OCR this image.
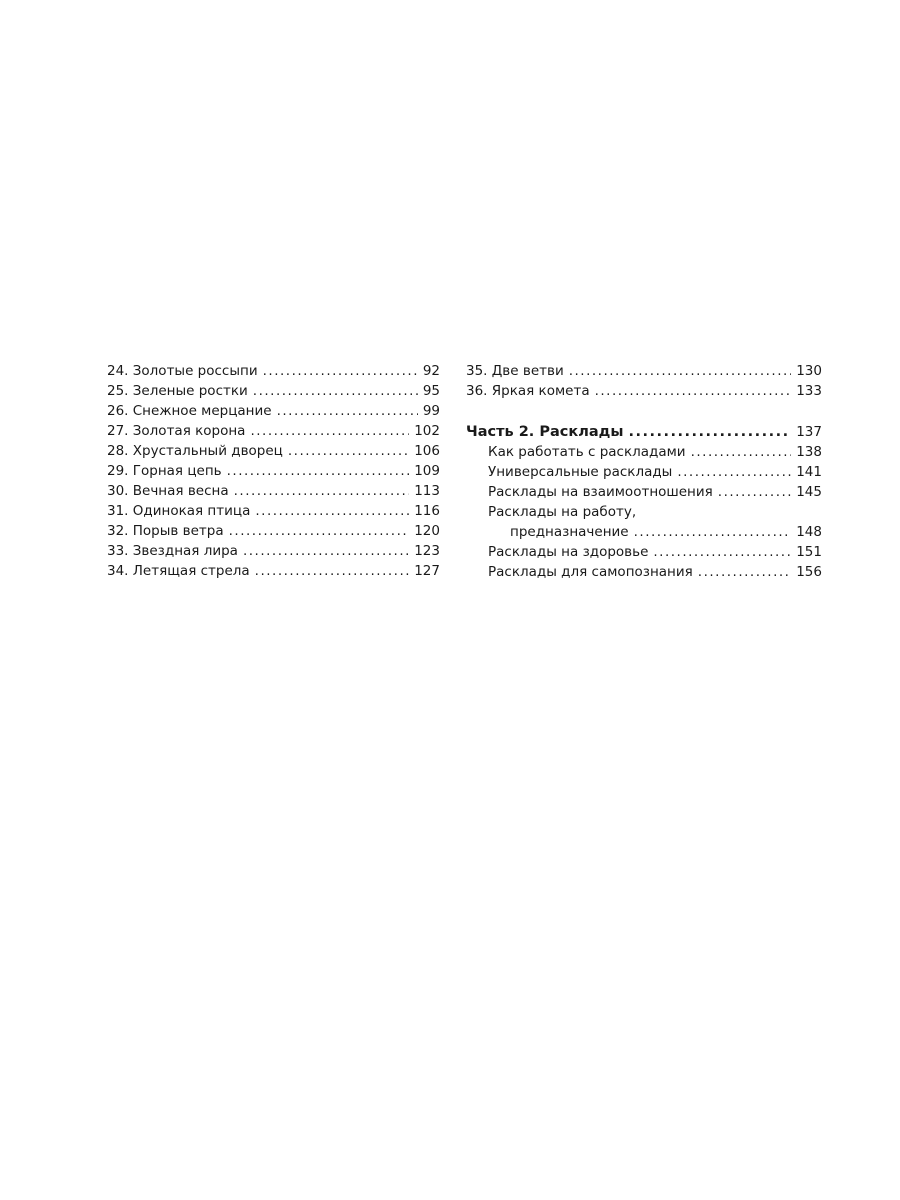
24. Золотые россыпи .....	92
25. Зеленые ростки .....	95
26. Снежное мерцание .....	99
27. Золотая корона .....	102
28. Хрустальный дворец .....	106
29. Горная цепь .....	109
30. Вечная весна .....	113
31. Одинокая птица .....	116
32. Порыв ветра .....	120
33. Звездная лира .....	123
34. Летящая стрела .....	127
35. Две ветви .....	130
36. Яркая комета .....	133
Часть 2. Расклады .....	137
Как работать с раскладами .....	138
Универсальные расклады .....	141
Расклады на взаимоотношения .....	145
Расклады на работу,
предназначение .....	148
Расклады на здоровье .....	151
Расклады для самопознания .....	156
